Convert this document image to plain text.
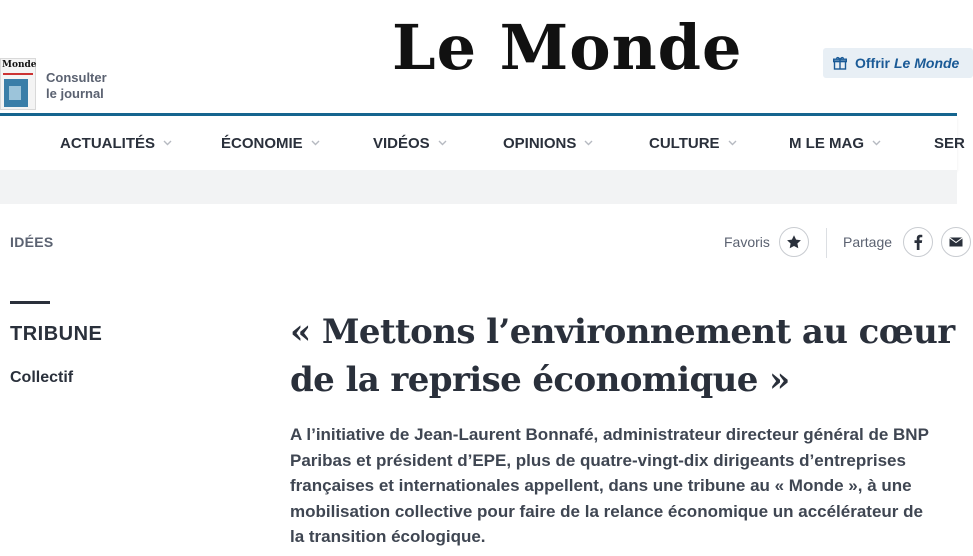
Monde
Consulter
le journal
Le Monde	Offrir Le Monde
ACTUALITÉS	ÉCONOMIE	VIDÉOS	OPINIONS	CULTURE	M LE MAG	SER
IDÉES	Favoris	Partage
TRIBUNE
Collectif
« Mettons l’environnement au cœur
de la reprise économique »

A l’initiative de Jean-Laurent Bonnafé, administrateur directeur général de BNP
Paribas et président d’EPE, plus de quatre-vingt-dix dirigeants d’entreprises
françaises et internationales appellent, dans une tribune au « Monde », à une
mobilisation collective pour faire de la relance économique un accélérateur de
la transition écologique.
